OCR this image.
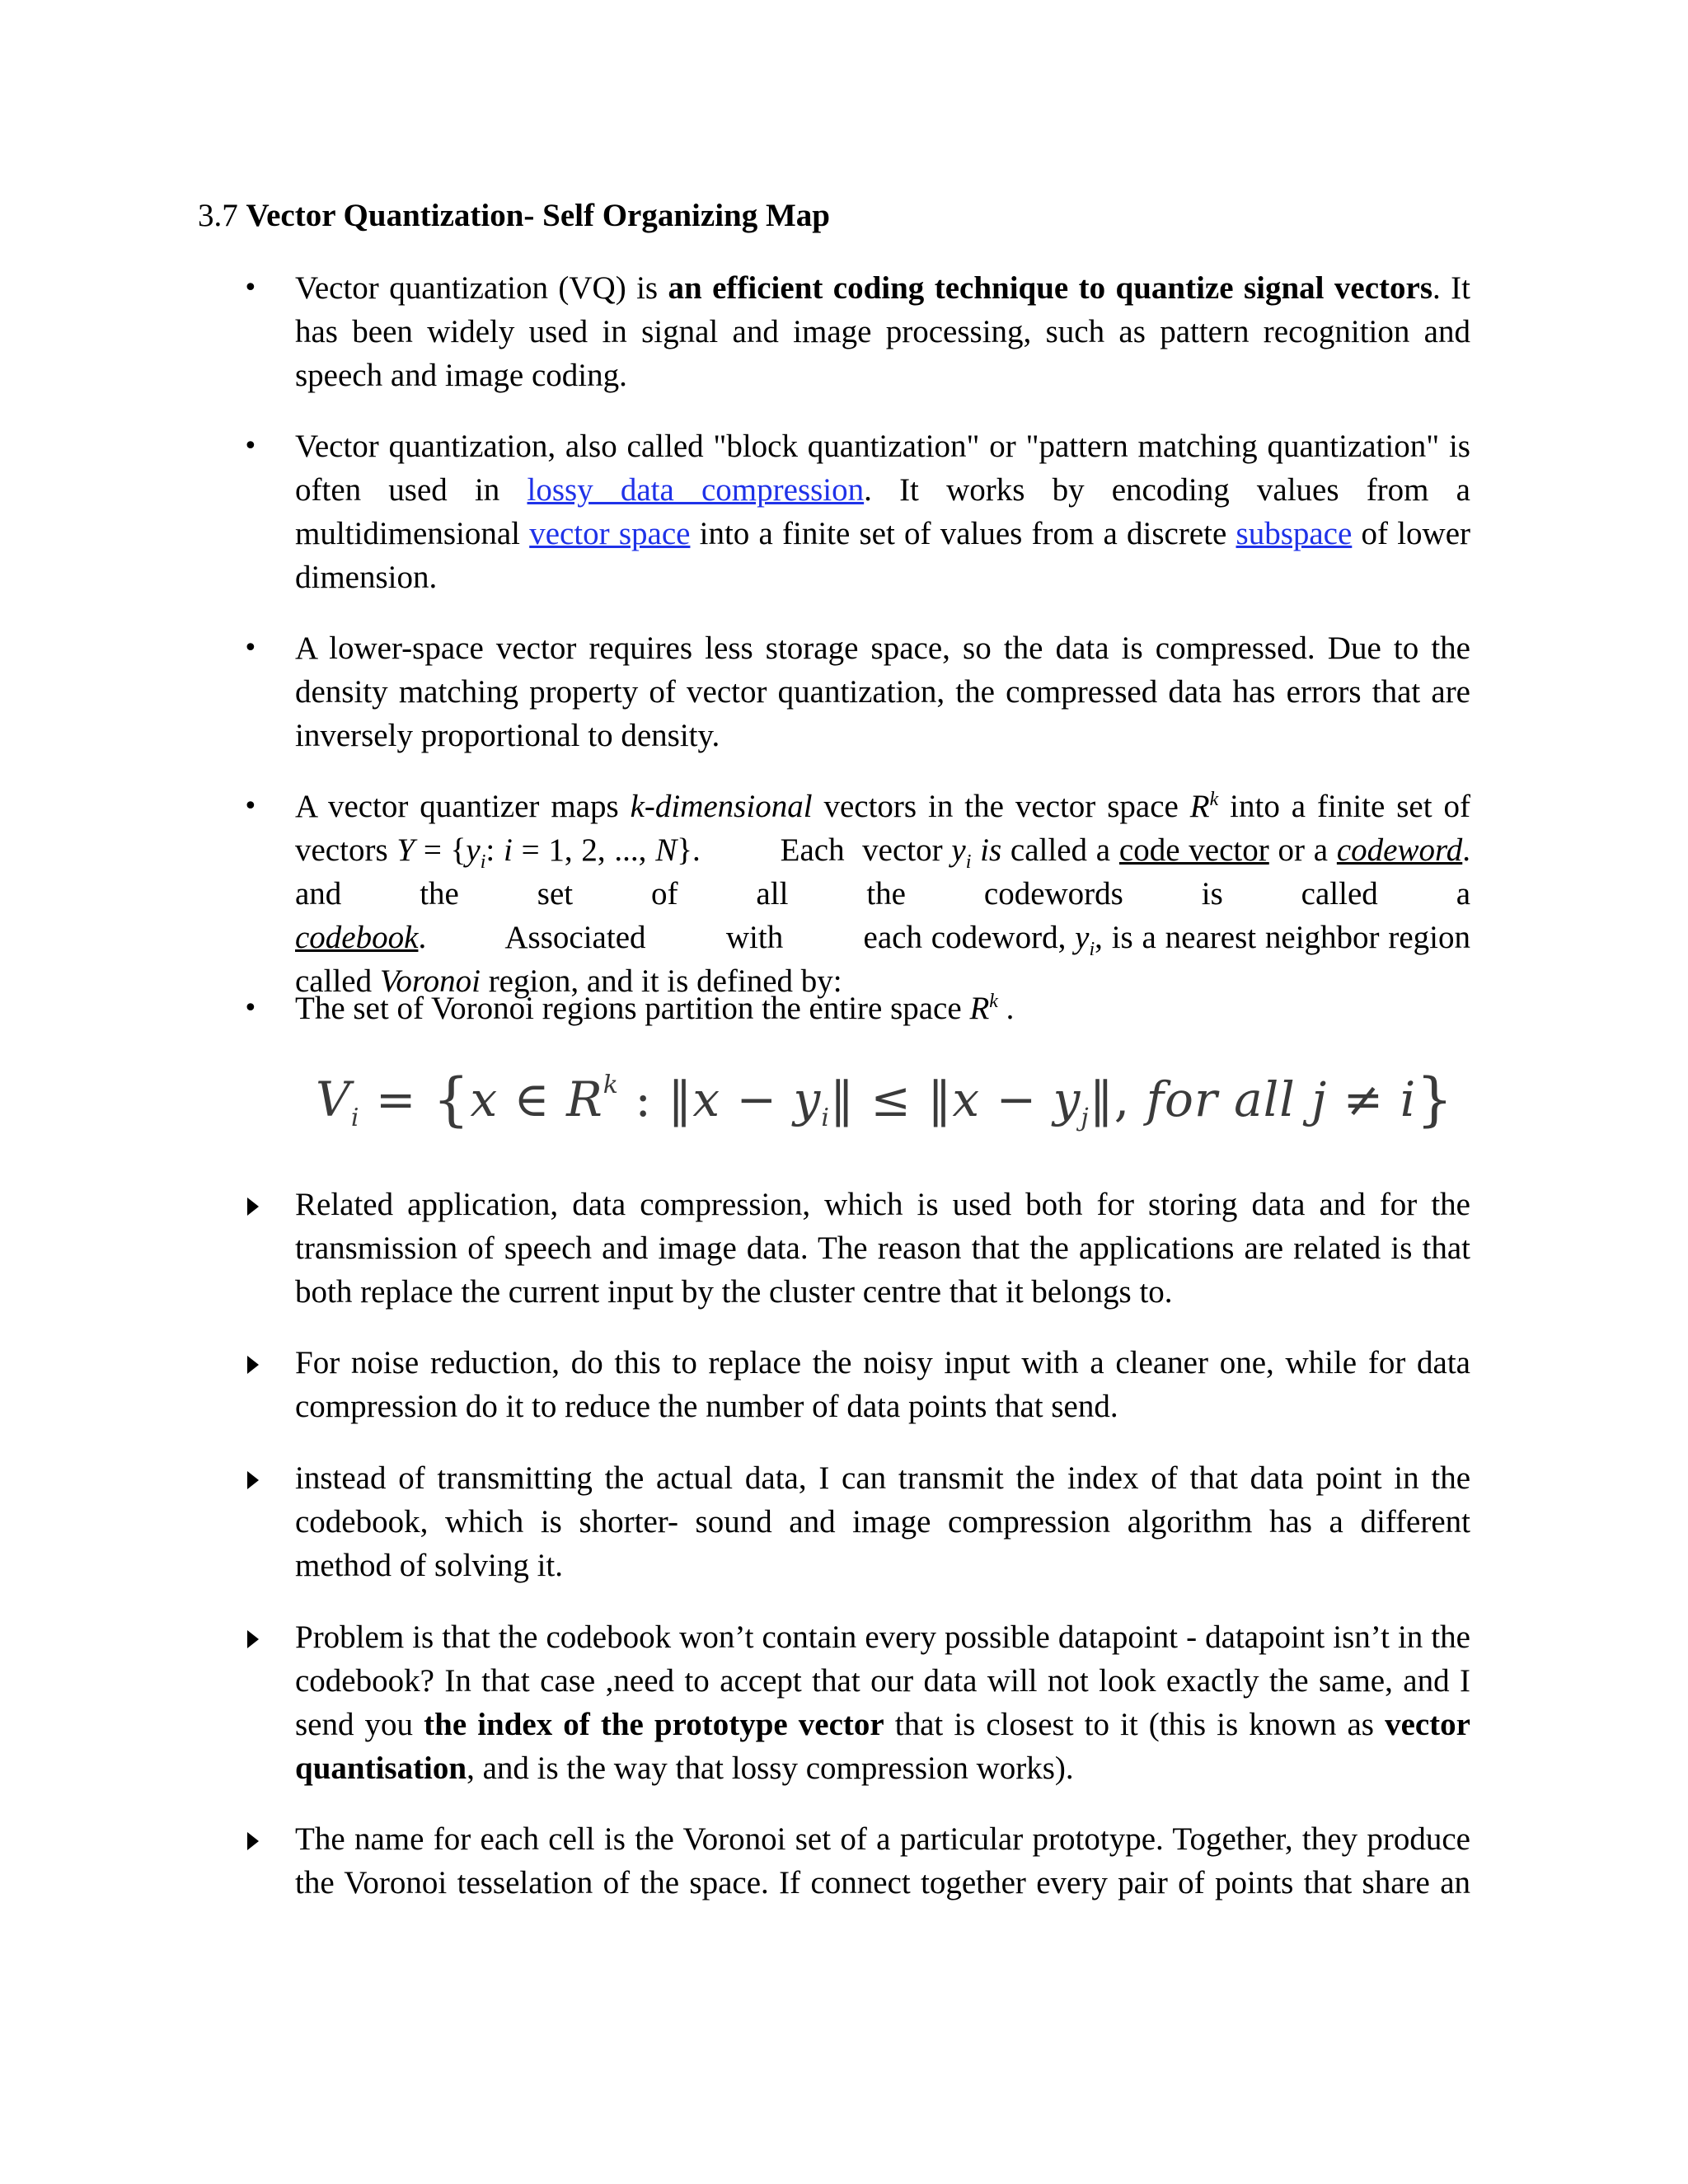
3.7 Vector Quantization- Self Organizing Map
• Vector quantization (VQ) is an efficient coding technique to quantize signal vectors. It has been widely used in signal and image processing, such as pattern recognition and speech and image coding.

• Vector quantization, also called "block quantization" or "pattern matching quantization" is often used in lossy data compression. It works by encoding values from a multidimensional vector space into a finite set of values from a discrete subspace of lower dimension.

• A lower-space vector requires less storage space, so the data is compressed. Due to the density matching property of vector quantization, the compressed data has errors that are inversely proportional to density.

• A vector quantizer maps k-dimensional vectors in the vector space $R^k$ into a finite set of vectors $Y = \{y_i$: i = 1, 2, ..., N}.         Each  vector $y_i$ is called a code vector or a codeword. and the set of all the codewords is called a codebook.         Associated         with         each codeword, $y_i$, is a nearest neighbor region called Voronoi region, and it is defined by:

• The set of Voronoi regions partition the entire space $R^k$ .

$V_i = \{x$ ∈ $R^k$ : ‖x − $y_i‖$ ≤ ‖x − $y_j‖$, for all j ≠ i}

Related application, data compression, which is used both for storing data and for the transmission of speech and image data. The reason that the applications are related is that both replace the current input by the cluster centre that it belongs to.

For noise reduction, do this to replace the noisy input with a cleaner one, while for data compression do it to reduce the number of data points that send.

instead of transmitting the actual data, I can transmit the index of that data point in the codebook, which is shorter- sound and image compression algorithm has a different method of solving it.

Problem is that the codebook won’t contain every possible datapoint - datapoint isn’t in the codebook? In that case ,need to accept that our data will not look exactly the same, and I send you the index of the prototype vector that is closest to it (this is known as vector quantisation, and is the way that lossy compression works).

The name for each cell is the Voronoi set of a particular prototype. Together, they produce the Voronoi tesselation of the space. If connect together every pair of points that share an
